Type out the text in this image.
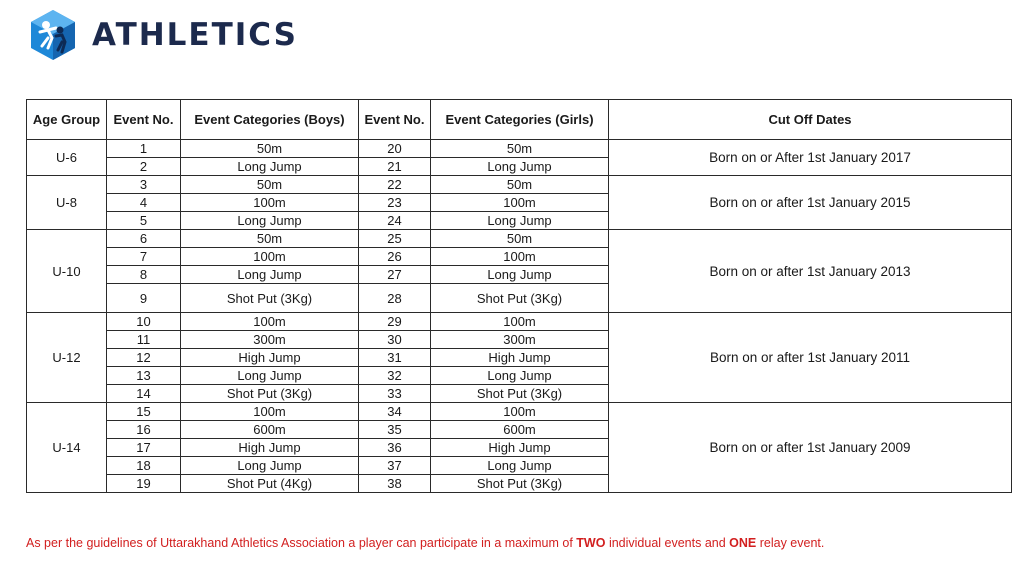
ATHLETICS
Age Group	Event No.	Event Categories (Boys)	Event No.	Event Categories (Girls)	Cut Off Dates
U-6	1	50m	20	50m	Born on or After 1st January 2017
	2	Long Jump	21	Long Jump	
U-8	3	50m	22	50m	Born on or after 1st January 2015
	4	100m	23	100m	
	5	Long Jump	24	Long Jump	
U-10	6	50m	25	50m	Born on or after 1st January 2013
	7	100m	26	100m	
	8	Long Jump	27	Long Jump	
	9	Shot Put (3Kg)	28	Shot Put (3Kg)	
U-12	10	100m	29	100m	Born on or after 1st January 2011
	11	300m	30	300m	
	12	High Jump	31	High Jump	
	13	Long Jump	32	Long Jump	
	14	Shot Put (3Kg)	33	Shot Put (3Kg)	
U-14	15	100m	34	100m	Born on or after 1st January 2009
	16	600m	35	600m	
	17	High Jump	36	High Jump	
	18	Long Jump	37	Long Jump	
	19	Shot Put (4Kg)	38	Shot Put (3Kg)	
As per the guidelines of Uttarakhand Athletics Association a player can participate in a maximum of TWO individual events and ONE relay event.
